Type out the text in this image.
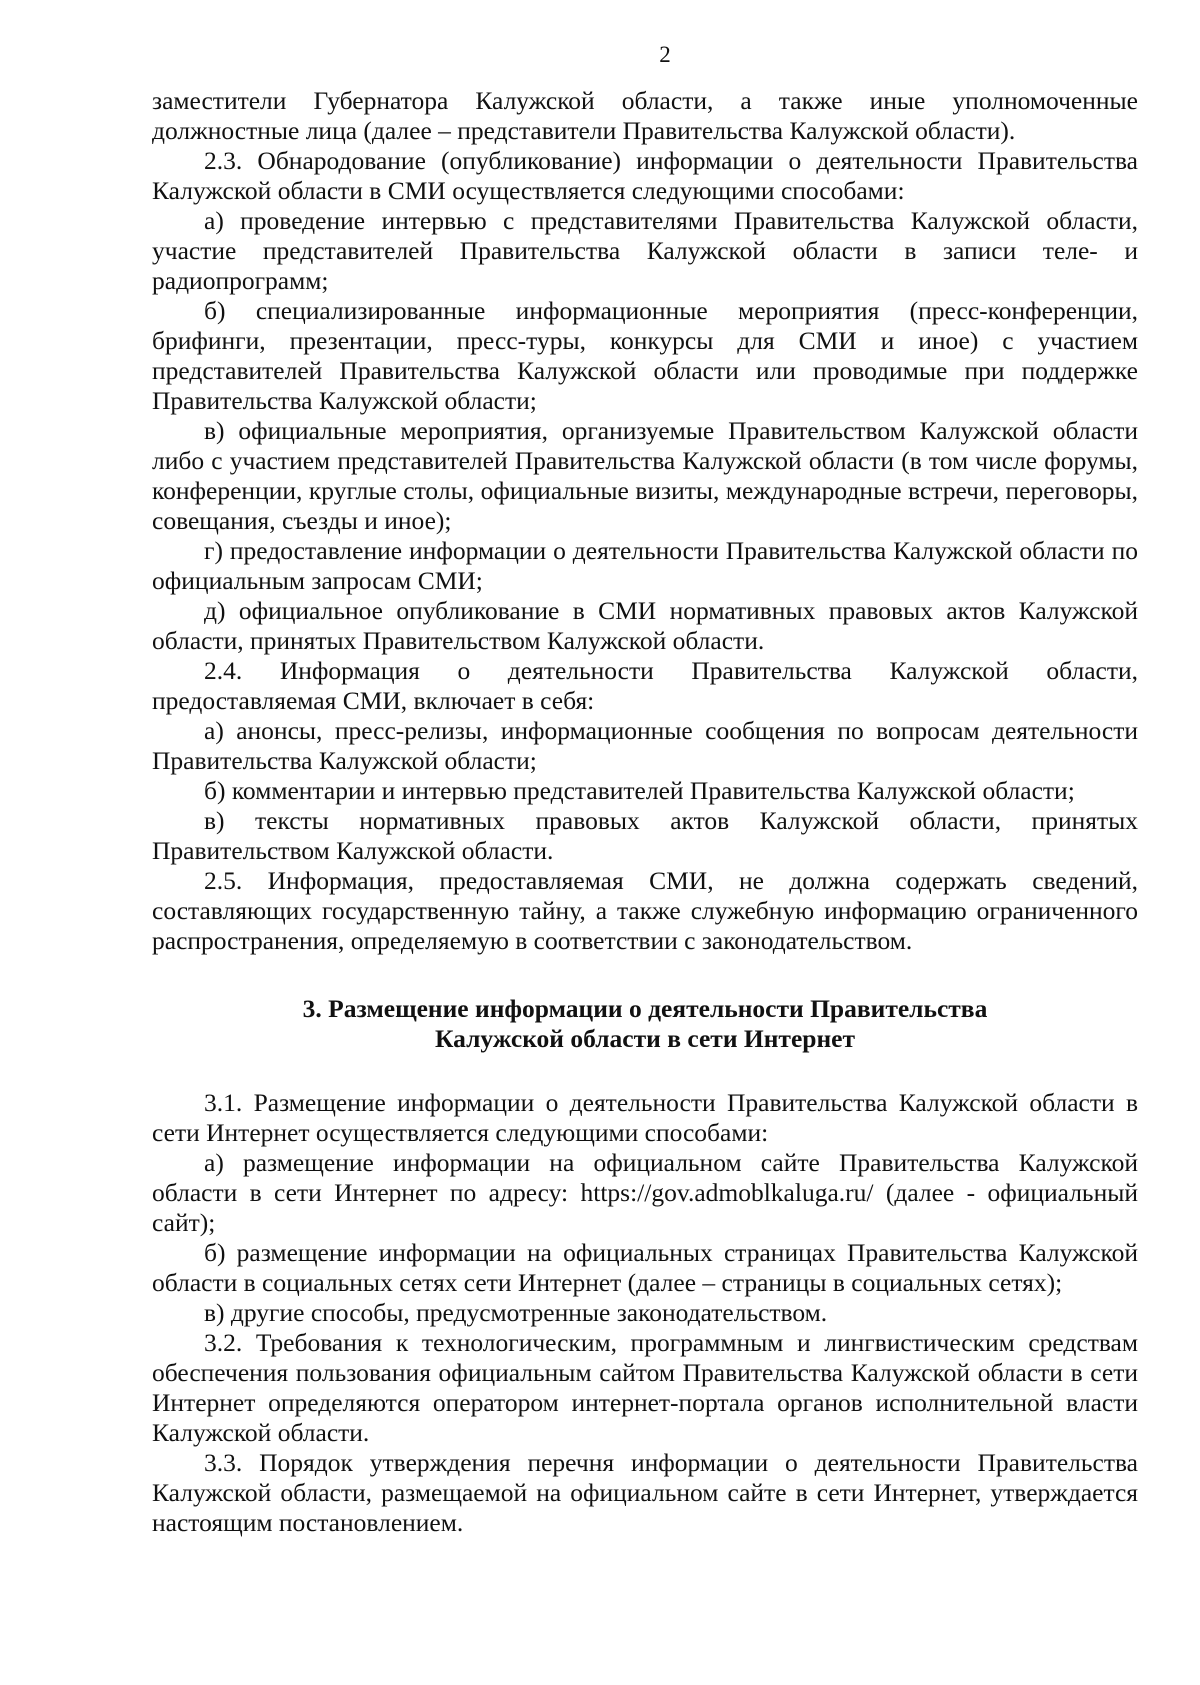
2

заместители Губернатора Калужской области, а также иные уполномоченные должностные лица (далее – представители Правительства Калужской области).

2.3. Обнародование (опубликование) информации о деятельности Правительства Калужской области в СМИ осуществляется следующими способами:

а) проведение интервью с представителями Правительства Калужской области, участие представителей Правительства Калужской области в записи теле- и радиопрограмм;

б) специализированные информационные мероприятия (пресс-конференции, брифинги, презентации, пресс-туры, конкурсы для СМИ и иное) с участием представителей Правительства Калужской области или проводимые при поддержке Правительства Калужской области;

в) официальные мероприятия, организуемые Правительством Калужской области либо с участием представителей Правительства Калужской области (в том числе форумы, конференции, круглые столы, официальные визиты, международные встречи, переговоры, совещания, съезды и иное);

г) предоставление информации о деятельности Правительства Калужской области по официальным запросам СМИ;

д) официальное опубликование в СМИ нормативных правовых актов Калужской области, принятых Правительством Калужской области.

2.4. Информация о деятельности Правительства Калужской области, предоставляемая СМИ, включает в себя:

а) анонсы, пресс-релизы, информационные сообщения по вопросам деятельности Правительства Калужской области;

б) комментарии и интервью представителей Правительства Калужской области;

в) тексты нормативных правовых актов Калужской области, принятых Правительством Калужской области.

2.5. Информация, предоставляемая СМИ, не должна содержать сведений, составляющих государственную тайну, а также служебную информацию ограниченного распространения, определяемую в соответствии с законодательством.

3. Размещение информации о деятельности Правительства
Калужской области в сети Интернет

3.1. Размещение информации о деятельности Правительства Калужской области в сети Интернет осуществляется следующими способами:

а) размещение информации на официальном сайте Правительства Калужской области в сети Интернет по адресу: https://gov.admoblkaluga.ru/ (далее - официальный сайт);

б) размещение информации на официальных страницах Правительства Калужской области в социальных сетях сети Интернет (далее – страницы в социальных сетях);

в) другие способы, предусмотренные законодательством.

3.2. Требования к технологическим, программным и лингвистическим средствам обеспечения пользования официальным сайтом Правительства Калужской области в сети Интернет определяются оператором интернет-портала органов исполнительной власти Калужской области.

3.3. Порядок утверждения перечня информации о деятельности Правительства Калужской области, размещаемой на официальном сайте в сети Интернет, утверждается настоящим постановлением.
